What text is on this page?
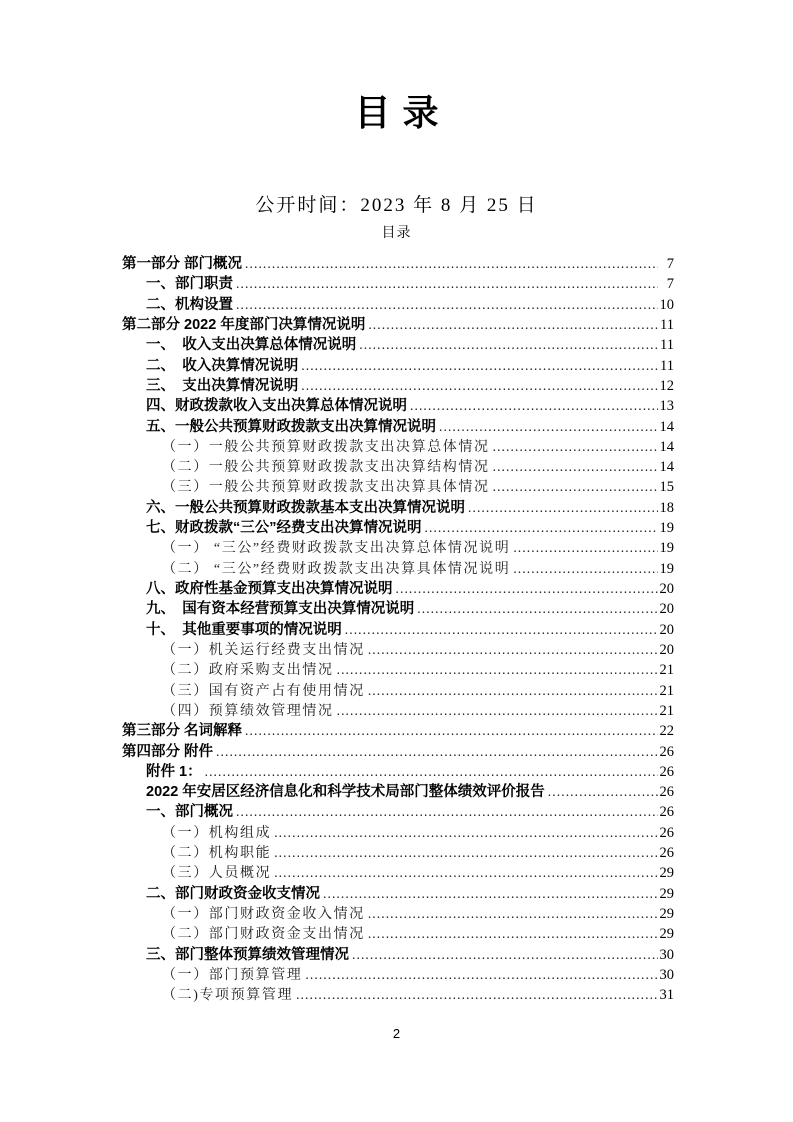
目录
公开时间：2023 年 8 月 25 日
目录
第一部分 部门概况 .....	7
一、部门职责 .....	7
二、机构设置 .....	10
第二部分 2022 年度部门决算情况说明 .....	11
一、　收入支出决算总体情况说明 .....	11
二、　收入决算情况说明 .....	11
三、　支出决算情况说明 .....	12
四、财政拨款收入支出决算总体情况说明 .....	13
五、一般公共预算财政拨款支出决算情况说明 .....	14
（一）一般公共预算财政拨款支出决算总体情况 .....	14
（二）一般公共预算财政拨款支出决算结构情况 .....	14
（三）一般公共预算财政拨款支出决算具体情况 .....	15
六、一般公共预算财政拨款基本支出决算情况说明 .....	18
七、财政拨款“三公”经费支出决算情况说明 .....	19
（一） “三公”经费财政拨款支出决算总体情况说明 .....	19
（二） “三公”经费财政拨款支出决算具体情况说明 .....	19
八、政府性基金预算支出决算情况说明 .....	20
九、　国有资本经营预算支出决算情况说明 .....	20
十、　其他重要事项的情况说明 .....	20
（一）机关运行经费支出情况 .....	20
（二）政府采购支出情况 .....	21
（三）国有资产占有使用情况 .....	21
（四）预算绩效管理情况 .....	21
第三部分 名词解释 .....	22
第四部分 附件 .....	26
附件 1： .....	26
2022 年安居区经济信息化和科学技术局部门整体绩效评价报告 .....	26
一、部门概况 .....	26
（一）机构组成 .....	26
（二）机构职能 .....	26
（三）人员概况 .....	29
二、部门财政资金收支情况 .....	29
（一）部门财政资金收入情况 .....	29
（二）部门财政资金支出情况 .....	29
三、部门整体预算绩效管理情况 .....	30
（一）部门预算管理 .....	30
（二)专项预算管理 .....	31
2
